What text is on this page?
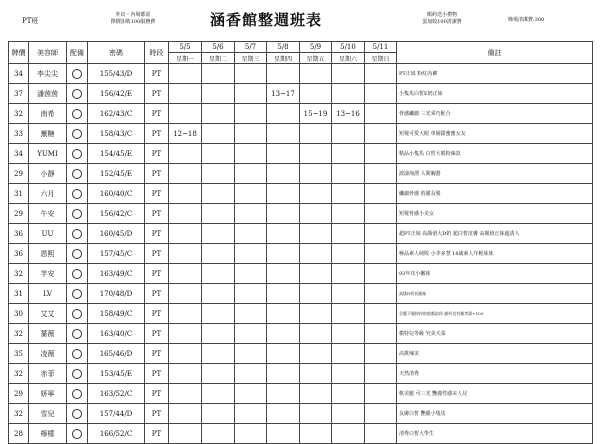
PT班
外出・內場都需
擇價加收100服務費	涵香館整週班表	額約送小禮物
蛋加收100清潔費	晚場清潔費:300
牌價	美容師	配備	密碼	時段	5/5	5/6	5/7	5/8	5/9	5/10	5/11	備註
					星期一	星期二	星期三	星期四	星期五	星期六	星期日	
34	李尖尖		155/43/D	PT								PT正妹 粉紅內褲
37	潘茵茵		156/42/E	PT				13~17				小隻馬白皙E奶正妹
32	南希		162/43/C	PT					15~19	13~16		骨感纖細 三光乖巧配合
33	蕪糖		158/43/C	PT	12~18							短髮可愛大眼 車圈甜蜜蜜女友
34	YUMI		154/45/E	PT								精品小隻馬 白皙大眼粉絲款
29	小靜		152/45/E	PT								波濤洶湧 人間胸器
31	六月		160/40/C	PT								纖細骨感 俏麗長髮
29	午安		156/42/C	PT								短髮骨感小美女
36	UU		160/45/D	PT								超PT正妹 高顏值大D奶 超白皙皮膚 高顏值正妹超誘人
36	恩熙		157/45/C	PT								極品素人純敗 小李多慧 18歲素人年輕妹妹
32	芊安		163/49/C	PT								93年次小嫩妹
31	LV		170/48/D	PT								高挑D奶長腿妹
30	艾艾		158/49/C	PT								全變不服按你的收都給你 額約送有額者需+100
32	薔薇		163/40/C	PT								模特兒等級 究美天菜
35	凌薇		165/46/D	PT								高挑辣美
32	赤菲		153/45/E	PT								天然清秀
29	妍寧		163/52/C	PT								軟美腿 可三光 艷麗性感美人兒
32	雪兒		157/44/D	PT								友膚白皙 艷麗小隻馬
28	檸檬		166/52/C	PT								清秀白皙大學生
